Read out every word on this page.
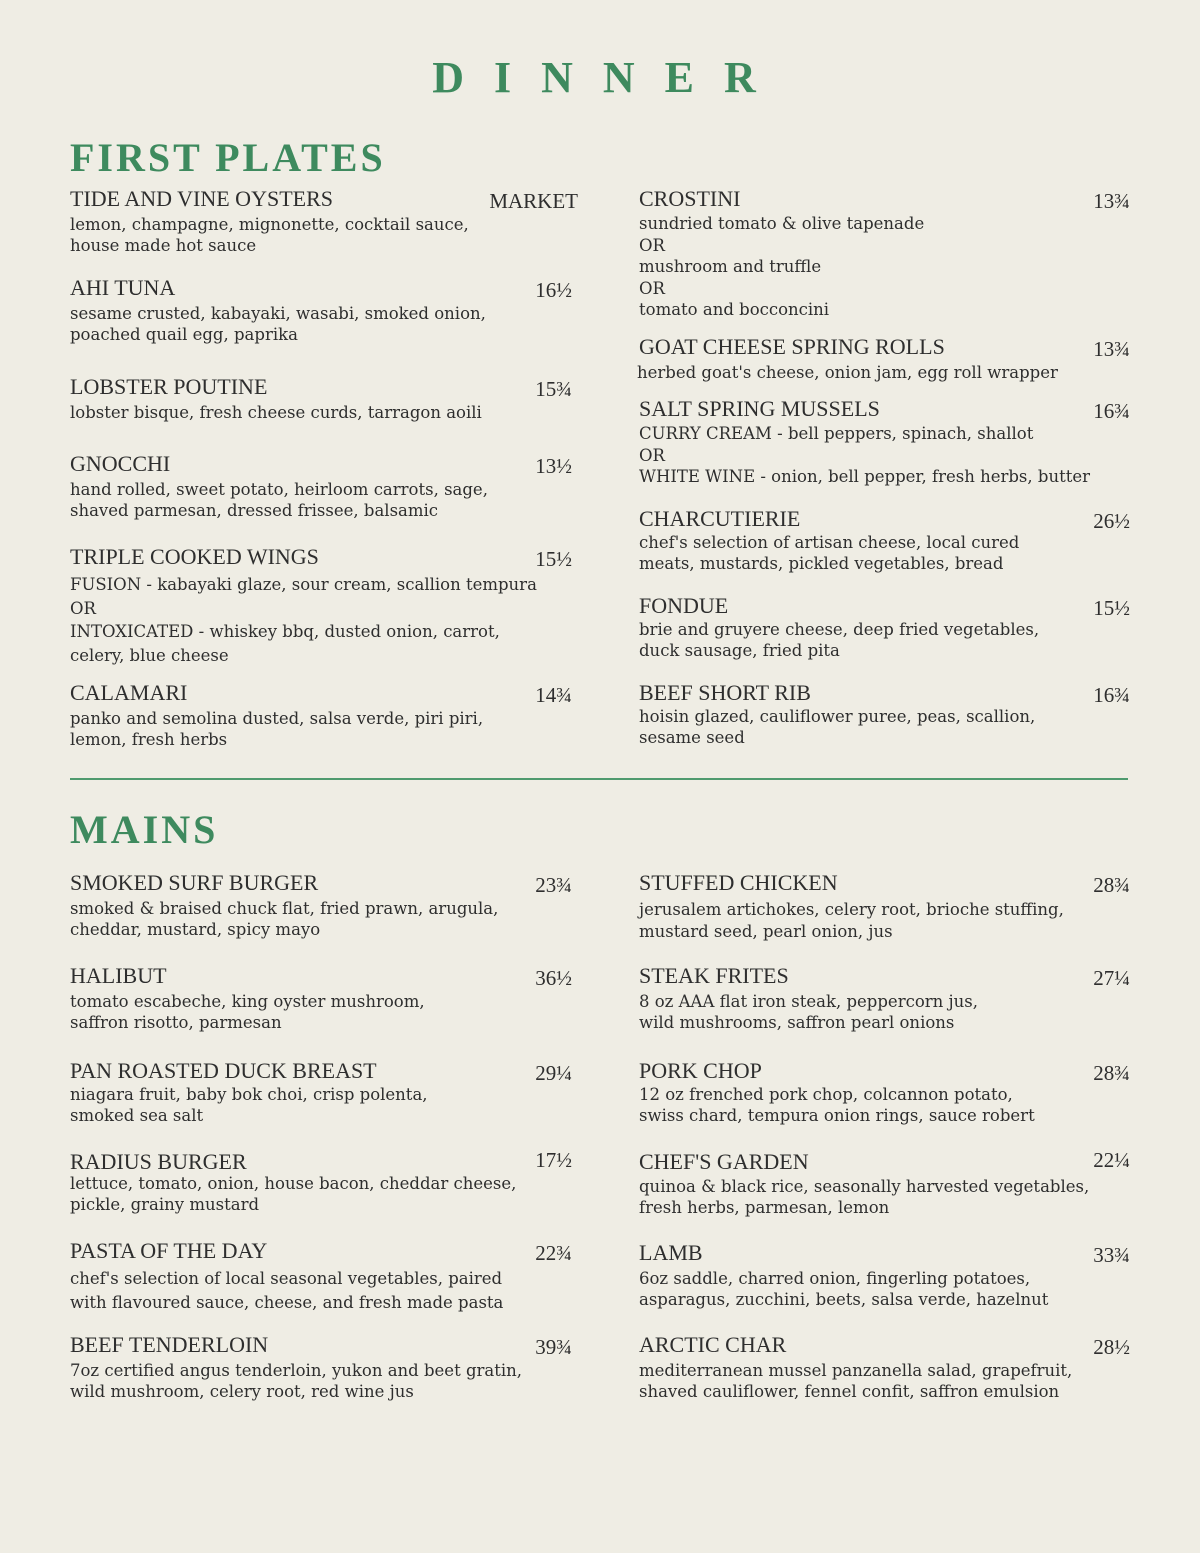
DINNER
FIRST PLATES
TIDE AND VINE OYSTERS	MARKET
lemon, champagne, mignonette, cocktail sauce,
house made hot sauce
AHI TUNA	16½
sesame crusted, kabayaki, wasabi, smoked onion,
poached quail egg, paprika
LOBSTER POUTINE	15¾
lobster bisque, fresh cheese curds, tarragon aoili
GNOCCHI	13½
hand rolled, sweet potato, heirloom carrots, sage,
shaved parmesan, dressed frissee, balsamic
TRIPLE COOKED WINGS	15½
FUSION - kabayaki glaze, sour cream, scallion tempura
OR
INTOXICATED - whiskey bbq, dusted onion, carrot,
celery, blue cheese
CALAMARI	14¾
panko and semolina dusted, salsa verde, piri piri,
lemon, fresh herbs
CROSTINI	13¾
sundried tomato & olive tapenade
OR
mushroom and truffle
OR
tomato and bocconcini
GOAT CHEESE SPRING ROLLS	13¾
herbed goat's cheese, onion jam, egg roll wrapper
SALT SPRING MUSSELS	16¾
CURRY CREAM - bell peppers, spinach, shallot
OR
WHITE WINE - onion, bell pepper, fresh herbs, butter
CHARCUTIERIE	26½
chef's selection of artisan cheese, local cured
meats, mustards, pickled vegetables, bread
FONDUE	15½
brie and gruyere cheese, deep fried vegetables,
duck sausage, fried pita
BEEF SHORT RIB	16¾
hoisin glazed, cauliflower puree, peas, scallion,
sesame seed
MAINS
SMOKED SURF BURGER	23¾
smoked & braised chuck flat, fried prawn, arugula,
cheddar, mustard, spicy mayo
HALIBUT	36½
tomato escabeche, king oyster mushroom,
saffron risotto, parmesan
PAN ROASTED DUCK BREAST	29¼
niagara fruit, baby bok choi, crisp polenta,
smoked sea salt
RADIUS BURGER	17½
lettuce, tomato, onion, house bacon, cheddar cheese,
pickle, grainy mustard
PASTA OF THE DAY	22¾
chef's selection of local seasonal vegetables, paired
with flavoured sauce, cheese, and fresh made pasta
BEEF TENDERLOIN	39¾
7oz certified angus tenderloin, yukon and beet gratin,
wild mushroom, celery root, red wine jus
STUFFED CHICKEN	28¾
jerusalem artichokes, celery root, brioche stuffing,
mustard seed, pearl onion, jus
STEAK FRITES	27¼
8 oz AAA flat iron steak, peppercorn jus,
wild mushrooms, saffron pearl onions
PORK CHOP	28¾
12 oz frenched pork chop, colcannon potato,
swiss chard, tempura onion rings, sauce robert
CHEF'S GARDEN	22¼
quinoa & black rice, seasonally harvested vegetables,
fresh herbs, parmesan, lemon
LAMB	33¾
6oz saddle, charred onion, fingerling potatoes,
asparagus, zucchini, beets, salsa verde, hazelnut
ARCTIC CHAR	28½
mediterranean mussel panzanella salad, grapefruit,
shaved cauliflower, fennel confit, saffron emulsion
